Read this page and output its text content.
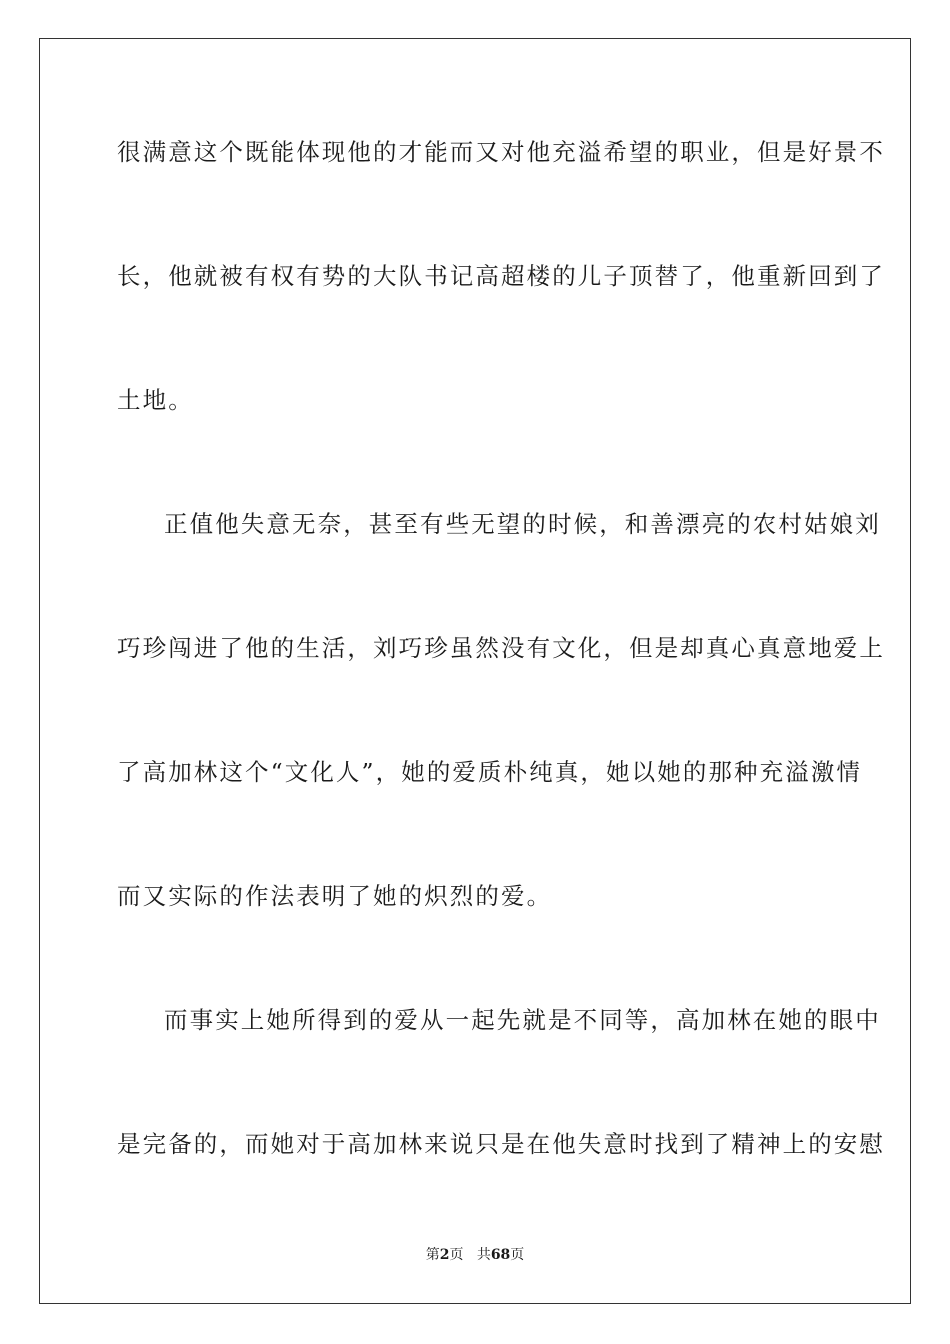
很满意这个既能体现他的才能而又对他充溢希望的职业，但是好景不
长，他就被有权有势的大队书记高超楼的儿子顶替了，他重新回到了
土地。
正值他失意无奈，甚至有些无望的时候，和善漂亮的农村姑娘刘
巧珍闯进了他的生活，刘巧珍虽然没有文化，但是却真心真意地爱上
了高加林这个“文化人”，她的爱质朴纯真，她以她的那种充溢激情
而又实际的作法表明了她的炽烈的爱。
而事实上她所得到的爱从一起先就是不同等，高加林在她的眼中
是完备的，而她对于高加林来说只是在他失意时找到了精神上的安慰
第2页 共68页
